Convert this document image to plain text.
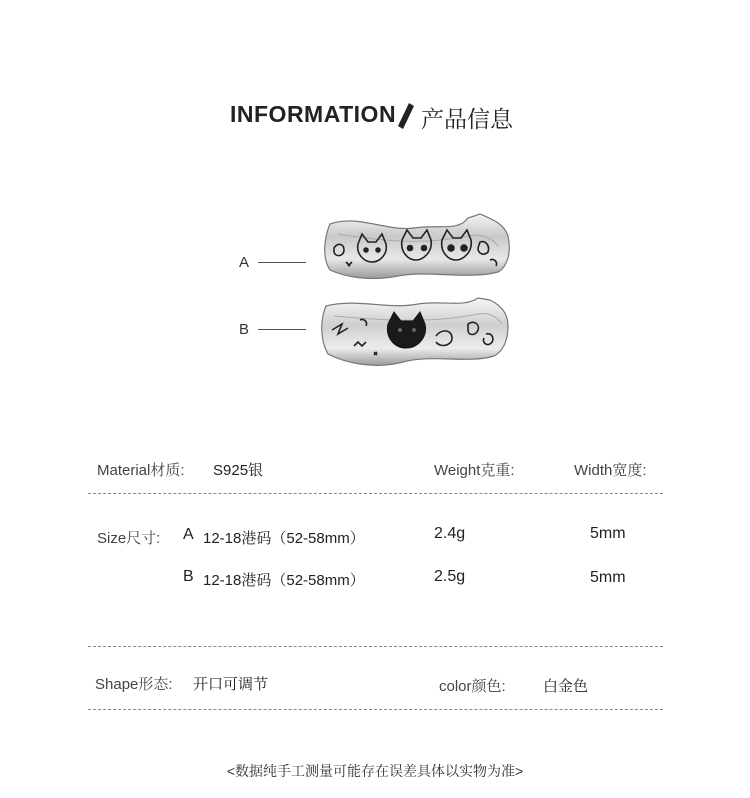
INFORMATION 产品信息
A
B
Material材质: S925银	Weight克重:	Width宽度:
Size尺寸: A 12-18港码（52-58mm）	2.4g	5mm
B 12-18港码（52-58mm）	2.5g	5mm
Shape形态: 开口可调节	color颜色: 白金色
<数据纯手工测量可能存在误差具体以实物为准>
